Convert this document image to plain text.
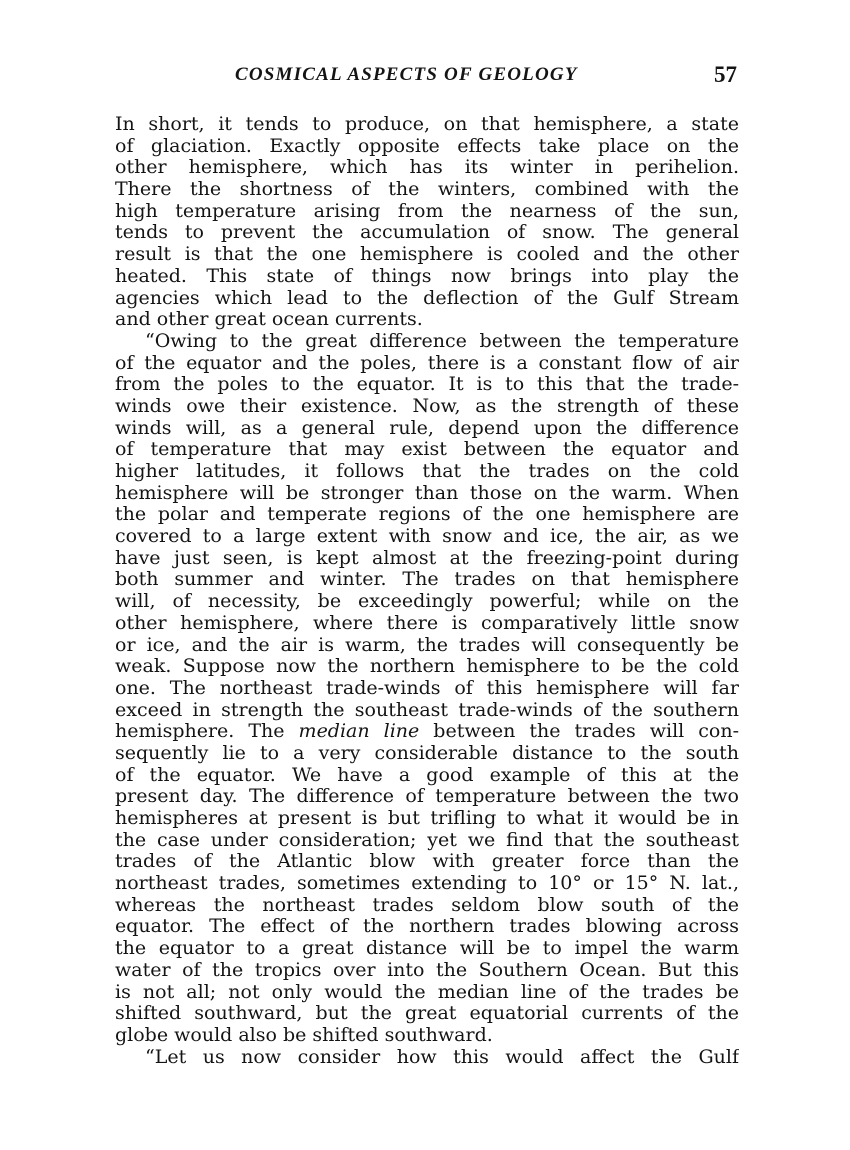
COSMICAL ASPECTS OF GEOLOGY	57
In short, it tends to produce, on that hemisphere, a state
of glaciation. Exactly opposite effects take place on the
other hemisphere, which has its winter in perihelion.
There the shortness of the winters, combined with the
high temperature arising from the nearness of the sun,
tends to prevent the accumulation of snow. The general
result is that the one hemisphere is cooled and the other
heated. This state of things now brings into play the
agencies which lead to the deflection of the Gulf Stream
and other great ocean currents.
“Owing to the great difference between the temperature
of the equator and the poles, there is a constant flow of air
from the poles to the equator. It is to this that the trade-
winds owe their existence. Now, as the strength of these
winds will, as a general rule, depend upon the difference
of temperature that may exist between the equator and
higher latitudes, it follows that the trades on the cold
hemisphere will be stronger than those on the warm. When
the polar and temperate regions of the one hemisphere are
covered to a large extent with snow and ice, the air, as we
have just seen, is kept almost at the freezing-point during
both summer and winter. The trades on that hemisphere
will, of necessity, be exceedingly powerful; while on the
other hemisphere, where there is comparatively little snow
or ice, and the air is warm, the trades will consequently be
weak. Suppose now the northern hemisphere to be the cold
one. The northeast trade-winds of this hemisphere will far
exceed in strength the southeast trade-winds of the southern
hemisphere. The median line between the trades will con-
sequently lie to a very considerable distance to the south
of the equator. We have a good example of this at the
present day. The difference of temperature between the two
hemispheres at present is but trifling to what it would be in
the case under consideration; yet we find that the southeast
trades of the Atlantic blow with greater force than the
northeast trades, sometimes extending to 10° or 15° N. lat.,
whereas the northeast trades seldom blow south of the
equator. The effect of the northern trades blowing across
the equator to a great distance will be to impel the warm
water of the tropics over into the Southern Ocean. But this
is not all; not only would the median line of the trades be
shifted southward, but the great equatorial currents of the
globe would also be shifted southward.
“Let us now consider how this would affect the Gulf
